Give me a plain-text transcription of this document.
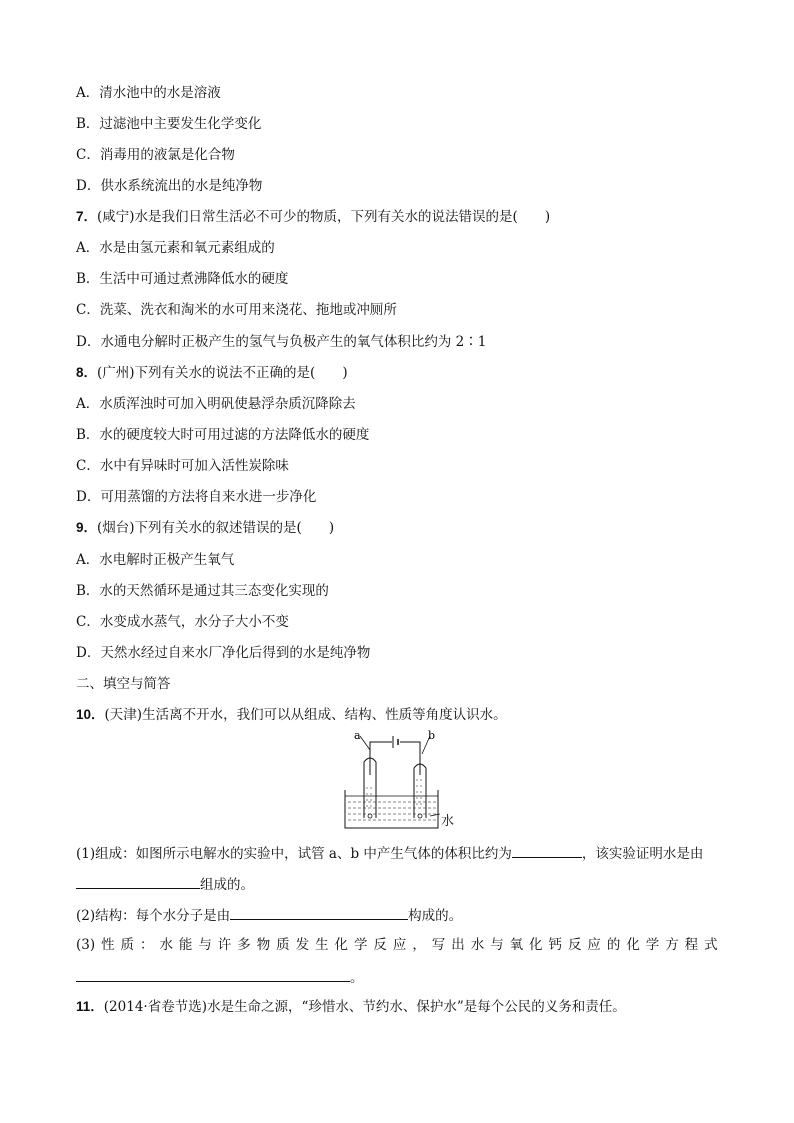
A．清水池中的水是溶液
B．过滤池中主要发生化学变化
C．消毒用的液氯是化合物
D．供水系统流出的水是纯净物
7．(咸宁)水是我们日常生活必不可少的物质，下列有关水的说法错误的是(　　)
A．水是由氢元素和氧元素组成的
B．生活中可通过煮沸降低水的硬度
C．洗菜、洗衣和淘米的水可用来浇花、拖地或冲厕所
D．水通电分解时正极产生的氢气与负极产生的氧气体积比约为 2∶1
8．(广州)下列有关水的说法不正确的是(　　)
A．水质浑浊时可加入明矾使悬浮杂质沉降除去
B．水的硬度较大时可用过滤的方法降低水的硬度
C．水中有异味时可加入活性炭除味
D．可用蒸馏的方法将自来水进一步净化
9．(烟台)下列有关水的叙述错误的是(　　)
A．水电解时正极产生氧气
B．水的天然循环是通过其三态变化实现的
C．水变成水蒸气，水分子大小不变
D．天然水经过自来水厂净化后得到的水是纯净物
二、填空与简答
10．(天津)生活离不开水，我们可以从组成、结构、性质等角度认识水。
a	b
水
(1)组成：如图所示电解水的实验中，试管 a、b 中产生气体的体积比约为	，该实验证明水是由
组成的。
(2)结构：每个水分子是由	构成的。
(3) 性 质 ： 水 能 与 许 多 物 质 发 生 化 学 反 应 ， 写 出 水 与 氧 化 钙 反 应 的 化 学 方 程 式
。
11．(2014·省卷节选)水是生命之源，“珍惜水、节约水、保护水”是每个公民的义务和责任。
